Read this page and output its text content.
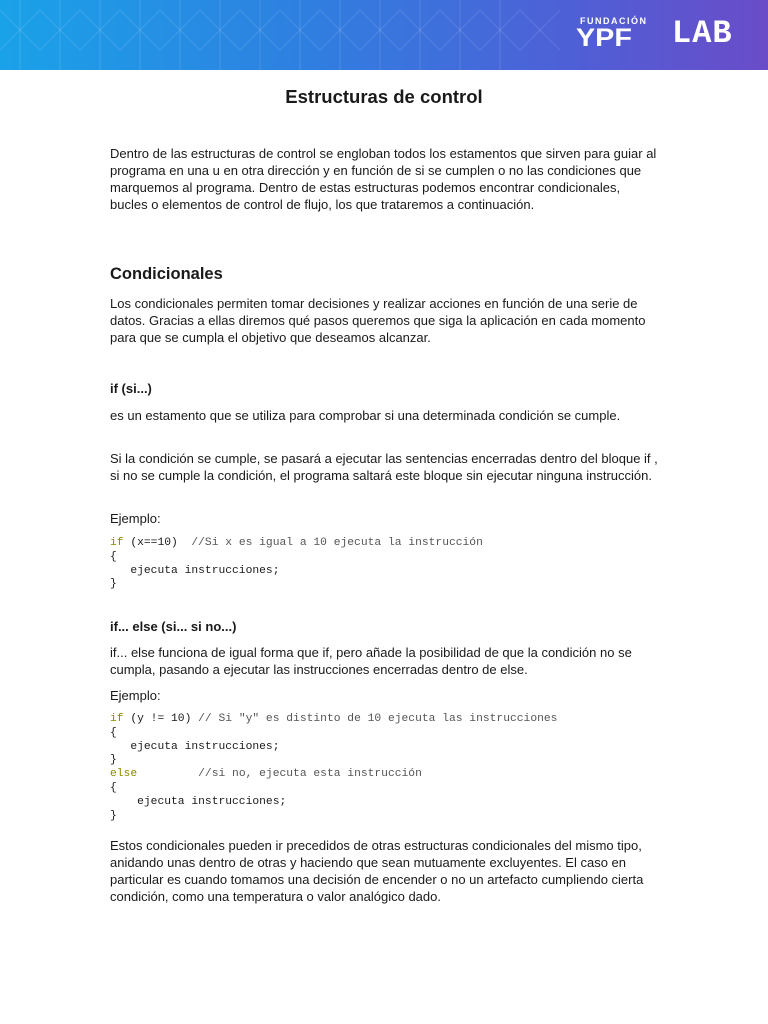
FUNDACIÓN
YPF LAB
Estructuras de control

Dentro de las estructuras de control se engloban todos los estamentos que sirven para guiar al programa en una u en otra dirección y en función de si se cumplen o no las condiciones que marquemos al programa. Dentro de estas estructuras podemos encontrar condicionales, bucles o elementos de control de flujo, los que trataremos a continuación.

Condicionales

Los condicionales permiten tomar decisiones y realizar acciones en función de una serie de datos. Gracias a ellas diremos qué pasos queremos que siga la aplicación en cada momento para que se cumpla el objetivo que deseamos alcanzar.

if (si...)

es un estamento que se utiliza para comprobar si una determinada condición se cumple.

Si la condición se cumple, se pasará a ejecutar las sentencias encerradas dentro del bloque if , si no se cumple la condición, el programa saltará este bloque sin ejecutar ninguna instrucción.

Ejemplo:

if (x==10)  //Si x es igual a 10 ejecuta la instrucción
{
ejecuta instrucciones;
}
if... else (si... si no...)

if... else funciona de igual forma que if, pero añade la posibilidad de que la condición no se cumpla, pasando a ejecutar las instrucciones encerradas dentro de else.

Ejemplo:

if (y != 10) // Si "y" es distinto de 10 ejecuta las instrucciones
{
ejecuta instrucciones;
}
else	//si no, ejecuta esta instrucción
{
ejecuta instrucciones;
}

Estos condicionales pueden ir precedidos de otras estructuras condicionales del mismo tipo, anidando unas dentro de otras y haciendo que sean mutuamente excluyentes. El caso en particular es cuando tomamos una decisión de encender o no un artefacto cumpliendo cierta condición, como una temperatura o valor analógico dado.
